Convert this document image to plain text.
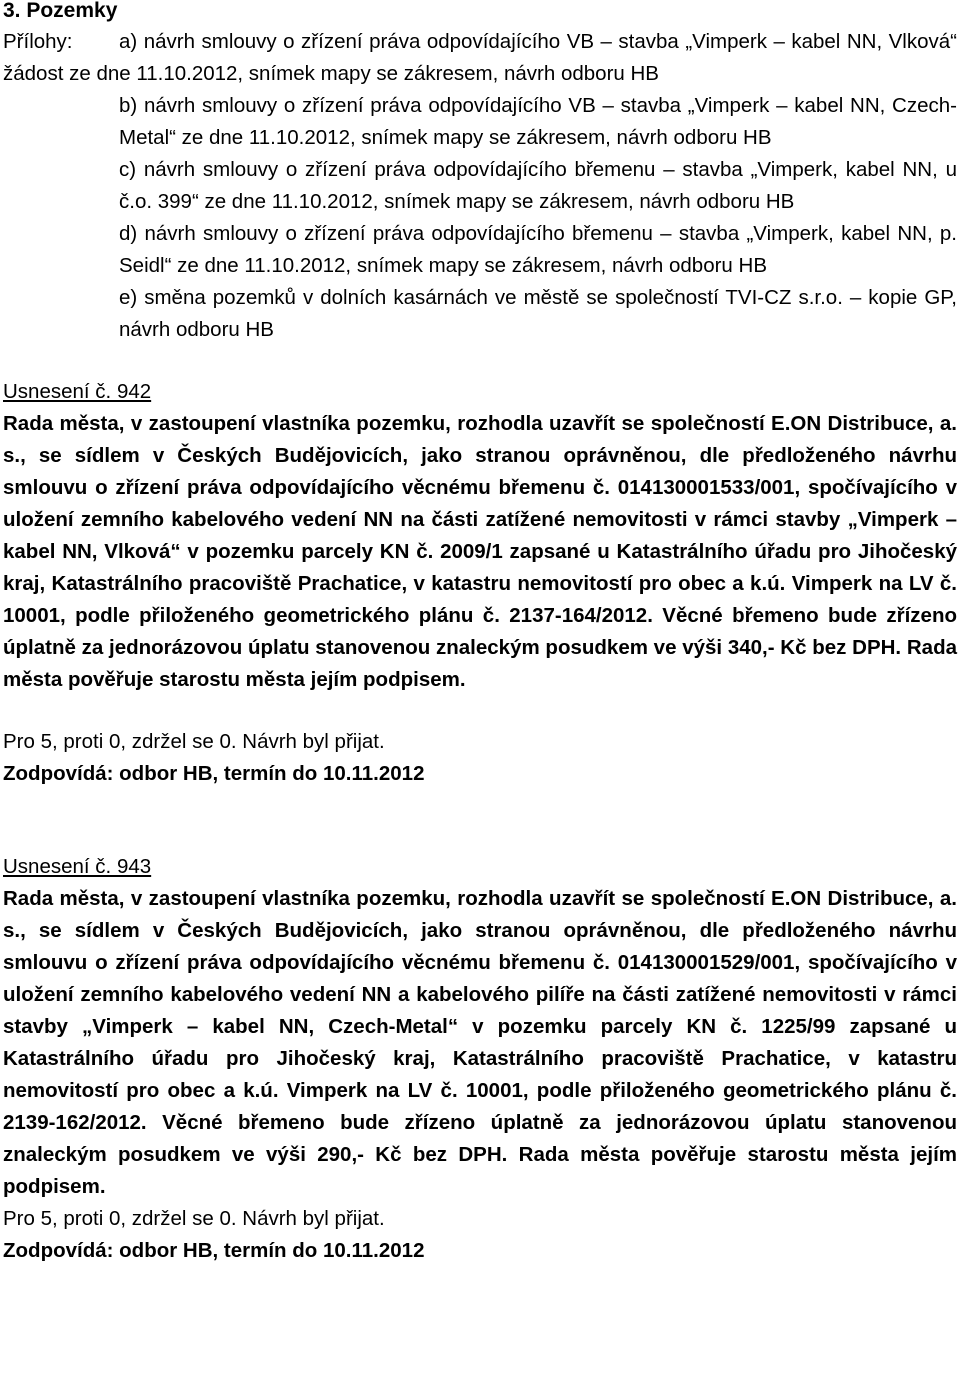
3. Pozemky
Přílohy:	a) návrh smlouvy o zřízení práva odpovídajícího VB – stavba „Vimperk – kabel NN, Vlková“ žádost ze dne 11.10.2012, snímek mapy se zákresem, návrh odboru HB
b) návrh smlouvy o zřízení práva odpovídajícího VB – stavba „Vimperk – kabel NN, Czech-Metal“ ze dne 11.10.2012, snímek mapy se zákresem, návrh odboru HB
c) návrh smlouvy o zřízení práva odpovídajícího břemenu – stavba „Vimperk, kabel NN, u č.o. 399“ ze dne 11.10.2012, snímek mapy se zákresem, návrh odboru HB
d) návrh smlouvy o zřízení práva odpovídajícího břemenu – stavba „Vimperk, kabel NN, p. Seidl“ ze dne 11.10.2012, snímek mapy se zákresem, návrh odboru HB
e) směna pozemků v dolních kasárnách ve městě se společností TVI-CZ s.r.o. – kopie GP, návrh odboru HB
Usnesení č. 942
Rada města, v zastoupení vlastníka pozemku, rozhodla uzavřít se společností E.ON Distribuce, a. s., se sídlem v Českých Budějovicích, jako stranou oprávněnou, dle předloženého návrhu smlouvu o zřízení práva odpovídajícího věcnému břemenu č. 014130001533/001, spočívajícího v uložení zemního kabelového vedení NN na části zatížené nemovitosti v rámci stavby „Vimperk – kabel NN, Vlková“ v pozemku parcely KN č. 2009/1 zapsané u Katastrálního úřadu pro Jihočeský kraj, Katastrálního pracoviště Prachatice, v katastru nemovitostí pro obec a k.ú. Vimperk na LV č. 10001, podle přiloženého geometrického plánu č. 2137-164/2012. Věcné břemeno bude zřízeno úplatně za jednorázovou úplatu stanovenou znaleckým posudkem ve výši 340,- Kč bez DPH. Rada města pověřuje starostu města jejím podpisem.
Pro 5, proti 0, zdržel se 0. Návrh byl přijat.
Zodpovídá: odbor HB, termín do 10.11.2012
Usnesení č. 943
Rada města, v zastoupení vlastníka pozemku, rozhodla uzavřít se společností E.ON Distribuce, a. s., se sídlem v Českých Budějovicích, jako stranou oprávněnou, dle předloženého návrhu smlouvu o zřízení práva odpovídajícího věcnému břemenu č. 014130001529/001, spočívajícího v uložení zemního kabelového vedení NN a kabelového pilíře na části zatížené nemovitosti v rámci stavby „Vimperk – kabel NN, Czech-Metal“ v pozemku parcely KN č. 1225/99 zapsané u Katastrálního úřadu pro Jihočeský kraj, Katastrálního pracoviště Prachatice, v katastru nemovitostí pro obec a k.ú. Vimperk na LV č. 10001, podle přiloženého geometrického plánu č. 2139-162/2012. Věcné břemeno bude zřízeno úplatně za jednorázovou úplatu stanovenou znaleckým posudkem ve výši 290,- Kč bez DPH. Rada města pověřuje starostu města jejím podpisem.
Pro 5, proti 0, zdržel se 0. Návrh byl přijat.
Zodpovídá: odbor HB, termín do 10.11.2012
